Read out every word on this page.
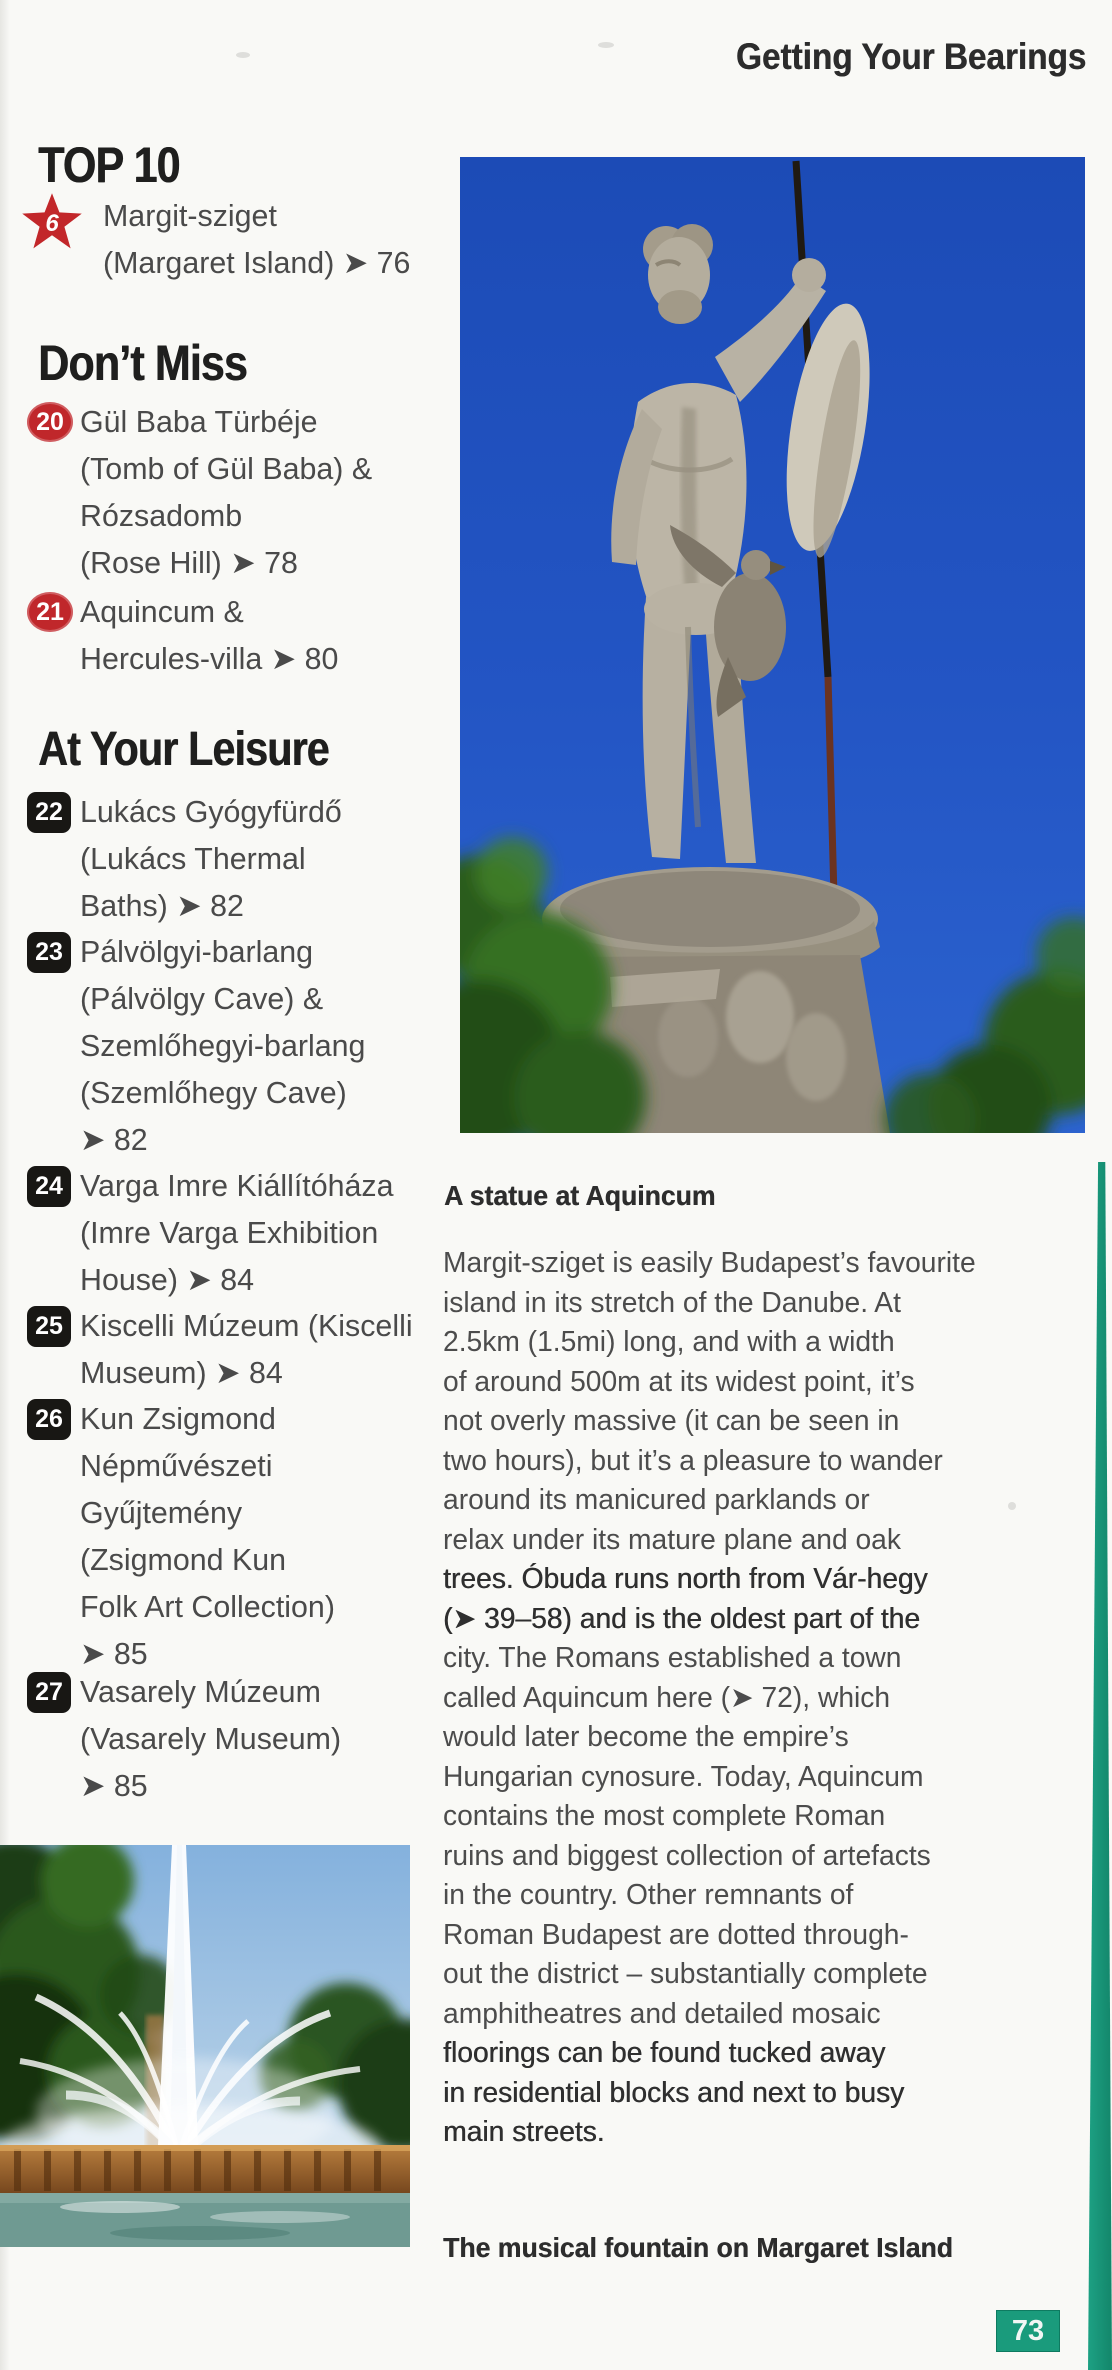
Getting Your Bearings
TOP 10
6	Margit-sziget
(Margaret Island) ➤ 76
Don’t Miss
20 Gül Baba Türbéje
(Tomb of Gül Baba) &
Rózsadomb
(Rose Hill) ➤ 78
21 Aquincum &
Hercules-villa ➤ 80
At Your Leisure
22 Lukács Gyógyfürdő
(Lukács Thermal
Baths) ➤ 82
23 Pálvölgyi-barlang
(Pálvölgy Cave) &
Szemlőhegyi-barlang
(Szemlőhegy Cave)
➤ 82
24 Varga Imre Kiállítóháza
(Imre Varga Exhibition
House) ➤ 84
25 Kiscelli Múzeum (Kiscelli
Museum) ➤ 84
26 Kun Zsigmond
Népművészeti
Gyűjtemény
(Zsigmond Kun
Folk Art Collection)
➤ 85
27 Vasarely Múzeum
(Vasarely Museum)
➤ 85
A statue at Aquincum
Margit-sziget is easily Budapest’s favourite
island in its stretch of the Danube. At
2.5km (1.5mi) long, and with a width
of around 500m at its widest point, it’s
not overly massive (it can be seen in
two hours), but it’s a pleasure to wander
around its manicured parklands or
relax under its mature plane and oak
trees. Óbuda runs north from Vár-hegy
(➤ 39–58) and is the oldest part of the
city. The Romans established a town
called Aquincum here (➤ 72), which
would later become the empire’s
Hungarian cynosure. Today, Aquincum
contains the most complete Roman
ruins and biggest collection of artefacts
in the country. Other remnants of
Roman Budapest are dotted through-
out the district – substantially complete
amphitheatres and detailed mosaic
floorings can be found tucked away
in residential blocks and next to busy
main streets.
The musical fountain on Margaret Island
73
